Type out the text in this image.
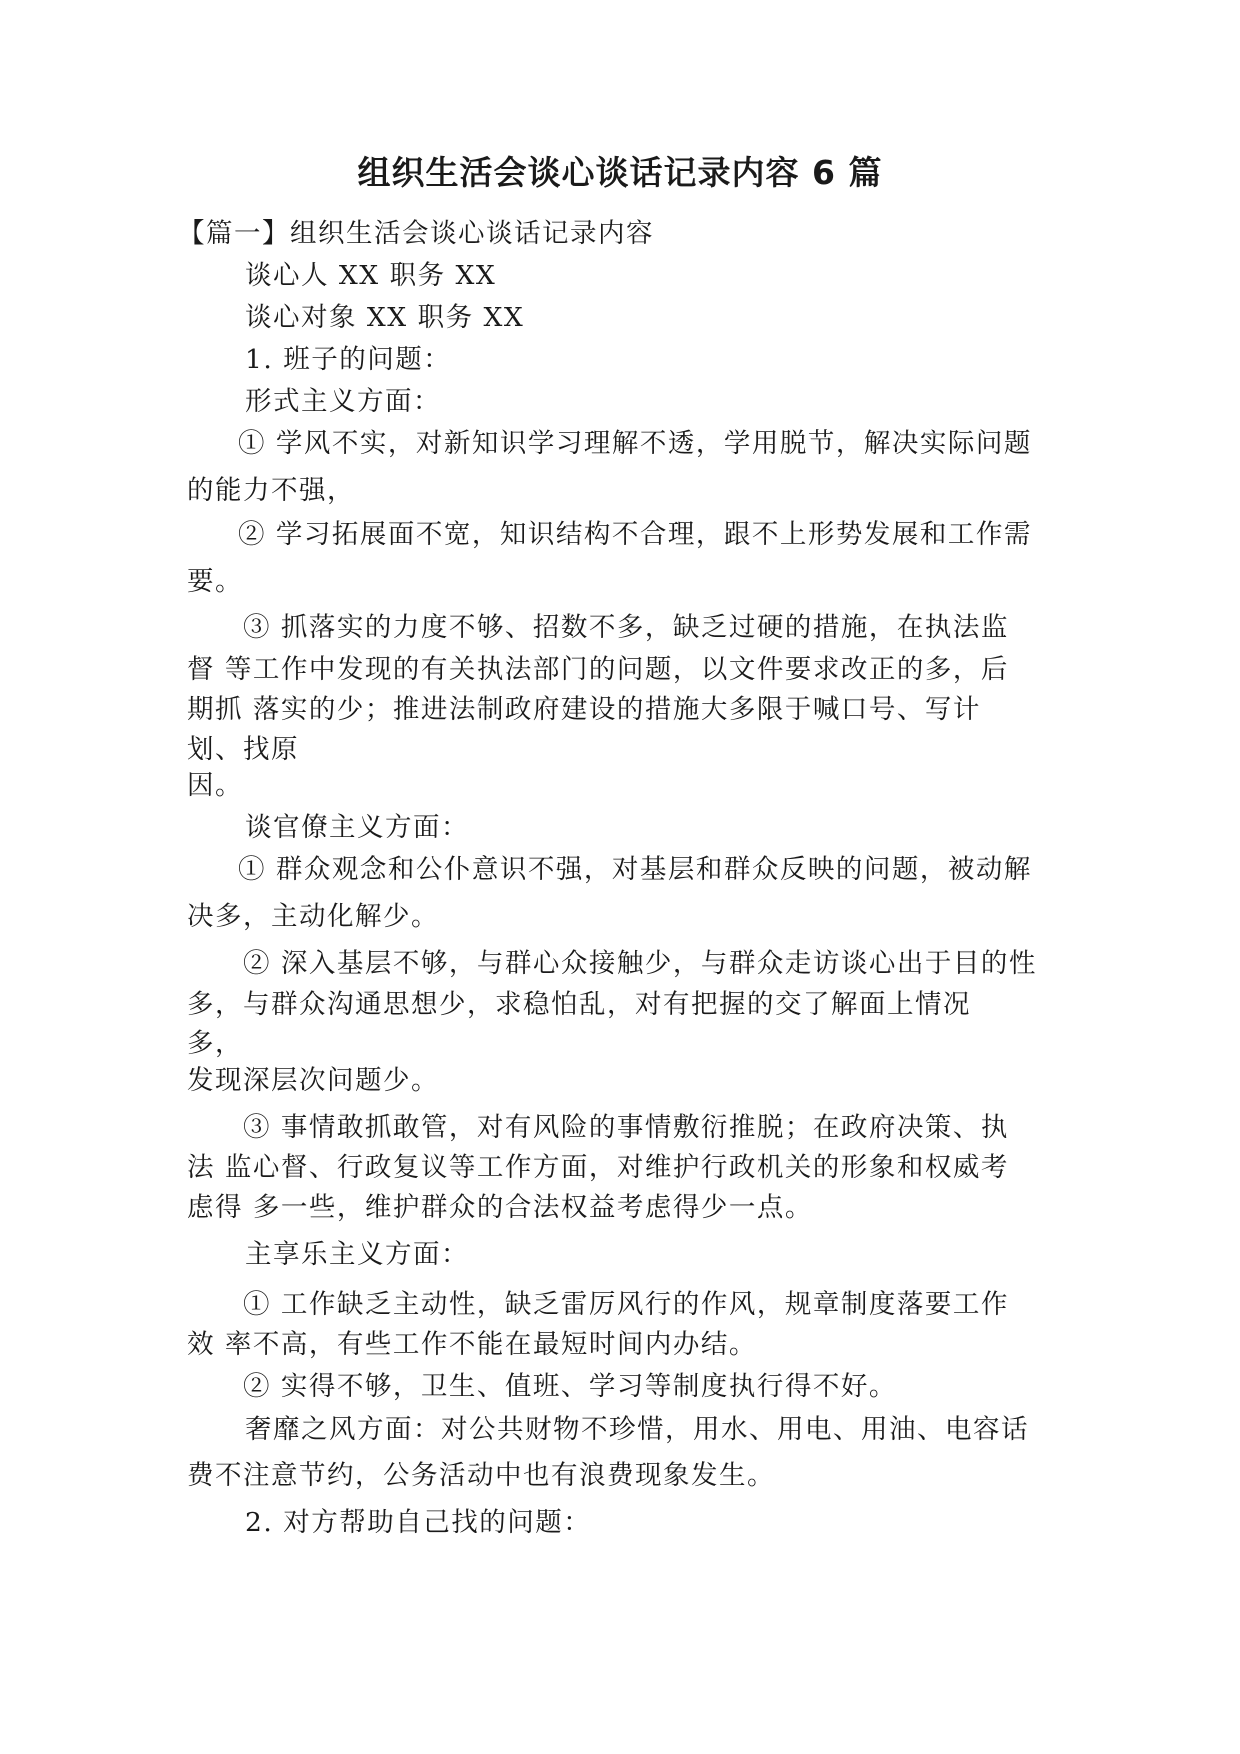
组织生活会谈心谈话记录内容 6 篇
【篇一】组织生活会谈心谈话记录内容
谈心人 XX 职务 XX
谈心对象 XX 职务 XX
1. 班子的问题：
形式主义方面：
① 学风不实，对新知识学习理解不透，学用脱节，解决实际问题
的能力不强，
② 学习拓展面不宽，知识结构不合理，跟不上形势发展和工作需
要。
③ 抓落实的力度不够、招数不多，缺乏过硬的措施，在执法监
督 等工作中发现的有关执法部门的问题，以文件要求改正的多，后
期抓 落实的少；推进法制政府建设的措施大多限于喊口号、写计
划、找原
因。
谈官僚主义方面：
① 群众观念和公仆意识不强，对基层和群众反映的问题，被动解
决多，主动化解少。
② 深入基层不够，与群心众接触少，与群众走访谈心出于目的性
多，与群众沟通思想少，求稳怕乱，对有把握的交了解面上情况
多，
发现深层次问题少。
③ 事情敢抓敢管，对有风险的事情敷衍推脱；在政府决策、执
法 监心督、行政复议等工作方面，对维护行政机关的形象和权威考
虑得 多一些，维护群众的合法权益考虑得少一点。
主享乐主义方面：
① 工作缺乏主动性，缺乏雷厉风行的作风，规章制度落要工作
效 率不高，有些工作不能在最短时间内办结。
② 实得不够，卫生、值班、学习等制度执行得不好。
奢靡之风方面：对公共财物不珍惜，用水、用电、用油、电容话
费不注意节约，公务活动中也有浪费现象发生。
2. 对方帮助自己找的问题：
